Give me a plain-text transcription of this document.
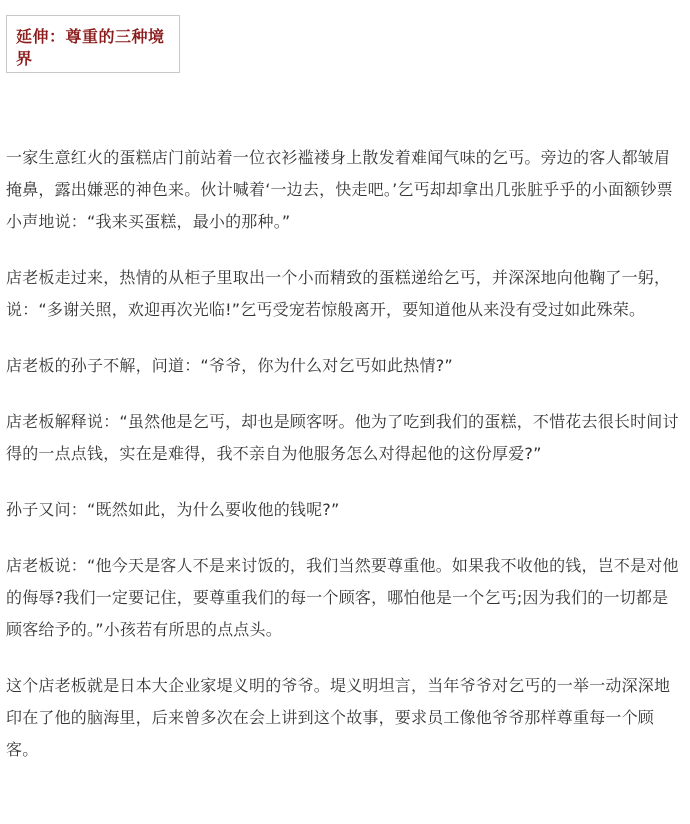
延伸：尊重的三种境界

一家生意红火的蛋糕店门前站着一位衣衫褴褛身上散发着难闻气味的乞丐。旁边的客人都皱眉掩鼻，露出嫌恶的神色来。伙计喊着‘一边去，快走吧。’乞丐却却拿出几张脏乎乎的小面额钞票小声地说：“我来买蛋糕，最小的那种。”

店老板走过来，热情的从柜子里取出一个小而精致的蛋糕递给乞丐，并深深地向他鞠了一躬，说：“多谢关照，欢迎再次光临!”乞丐受宠若惊般离开，要知道他从来没有受过如此殊荣。

店老板的孙子不解，问道：“爷爷，你为什么对乞丐如此热情?”

店老板解释说：“虽然他是乞丐，却也是顾客呀。他为了吃到我们的蛋糕，不惜花去很长时间讨得的一点点钱，实在是难得，我不亲自为他服务怎么对得起他的这份厚爱?”

孙子又问：“既然如此，为什么要收他的钱呢?”

店老板说：“他今天是客人不是来讨饭的，我们当然要尊重他。如果我不收他的钱，岂不是对他的侮辱?我们一定要记住，要尊重我们的每一个顾客，哪怕他是一个乞丐;因为我们的一切都是顾客给予的。”小孩若有所思的点点头。

这个店老板就是日本大企业家堤义明的爷爷。堤义明坦言，当年爷爷对乞丐的一举一动深深地印在了他的脑海里，后来曾多次在会上讲到这个故事，要求员工像他爷爷那样尊重每一个顾客。
